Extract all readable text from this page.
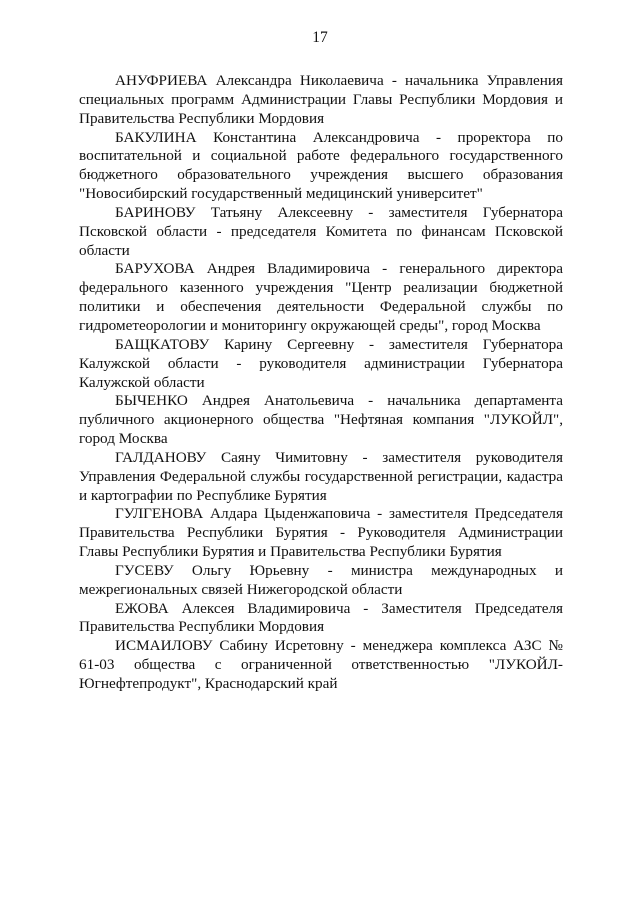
17

АНУФРИЕВА Александра Николаевича - начальника Управления специальных программ Администрации Главы Республики Мордовия и Правительства Республики Мордовия

БАКУЛИНА Константина Александровича - проректора по воспитательной и социальной работе федерального государственного бюджетного образовательного учреждения высшего образования "Новосибирский государственный медицинский университет"

БАРИНОВУ Татьяну Алексеевну - заместителя Губернатора Псковской области - председателя Комитета по финансам Псковской области

БАРУХОВА Андрея Владимировича - генерального директора федерального казенного учреждения "Центр реализации бюджетной политики и обеспечения деятельности Федеральной службы по гидрометеорологии и мониторингу окружающей среды", город Москва

БАЩКАТОВУ Карину Сергеевну - заместителя Губернатора Калужской области - руководителя администрации Губернатора Калужской области

БЫЧЕНКО Андрея Анатольевича - начальника департамента публичного акционерного общества "Нефтяная компания "ЛУКОЙЛ", город Москва

ГАЛДАНОВУ Саяну Чимитовну - заместителя руководителя Управления Федеральной службы государственной регистрации, кадастра и картографии по Республике Бурятия

ГУЛГЕНОВА Алдара Цыденжаповича - заместителя Председателя Правительства Республики Бурятия - Руководителя Администрации Главы Республики Бурятия и Правительства Республики Бурятия

ГУСЕВУ Ольгу Юрьевну - министра международных и межрегиональных связей Нижегородской области

ЕЖОВА Алексея Владимировича - Заместителя Председателя Правительства Республики Мордовия

ИСМАИЛОВУ Сабину Исретовну - менеджера комплекса АЗС № 61-03 общества с ограниченной ответственностью "ЛУКОЙЛ-Югнефтепродукт", Краснодарский край
